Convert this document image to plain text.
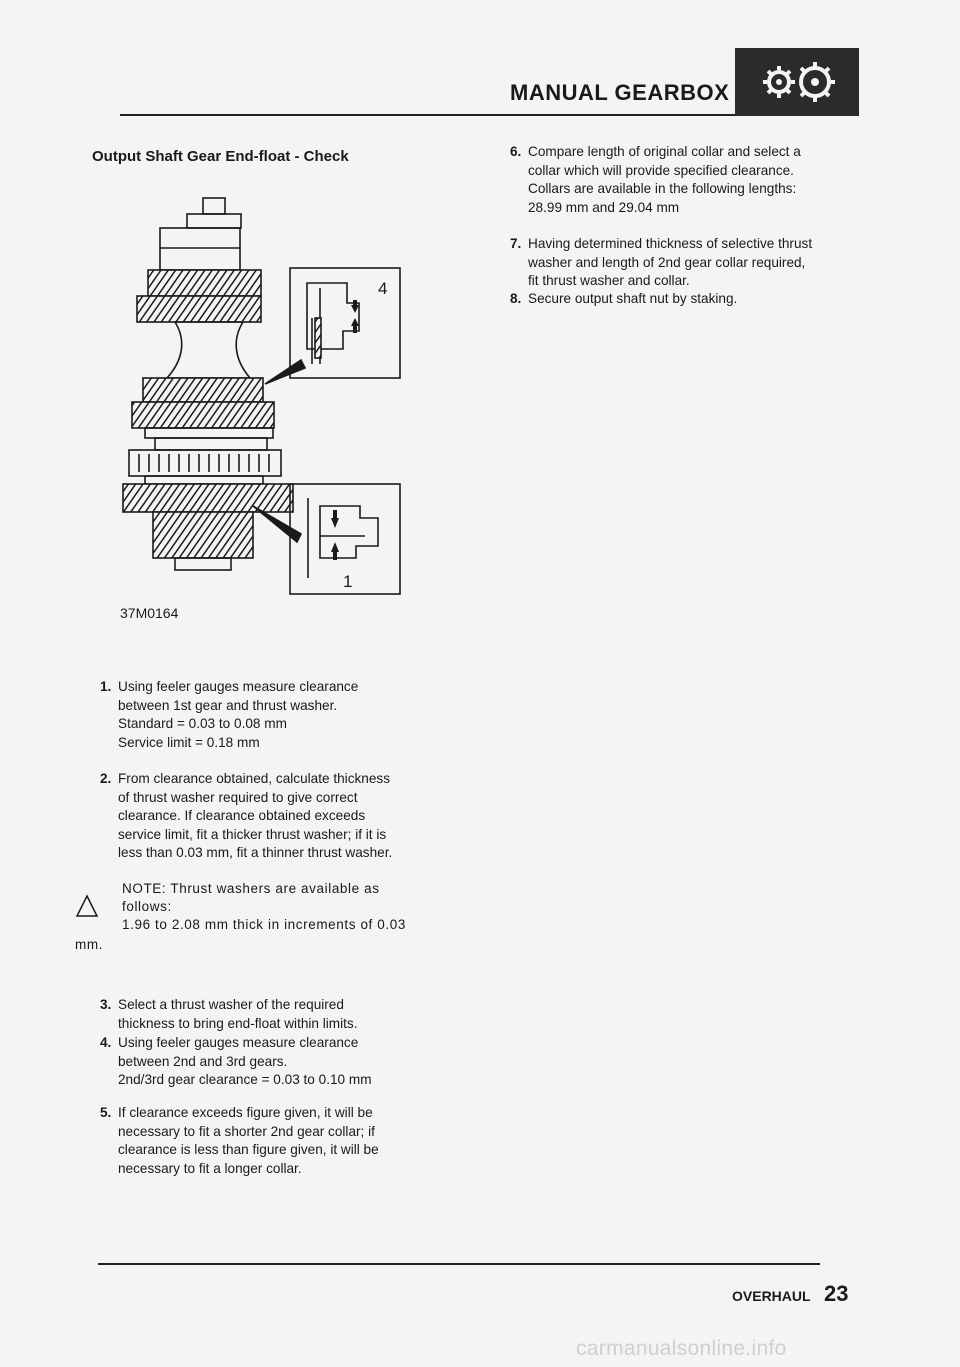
MANUAL GEARBOX
Output Shaft Gear End-float - Check
4
1
37M0164
1. Using feeler gauges measure clearance
between 1st gear and thrust washer.
Standard = 0.03 to 0.08 mm
Service limit = 0.18 mm
2. From clearance obtained, calculate thickness
of thrust washer required to give correct
clearance. If clearance obtained exceeds
service limit, fit a thicker thrust washer; if it is
less than 0.03 mm, fit a thinner thrust washer.
NOTE: Thrust washers are available as
follows:
1.96 to 2.08 mm thick in increments of 0.03
mm.
3. Select a thrust washer of the required
thickness to bring end-float within limits.
4. Using feeler gauges measure clearance
between 2nd and 3rd gears.
2nd/3rd gear clearance = 0.03 to 0.10 mm
5. If clearance exceeds figure given, it will be
necessary to fit a shorter 2nd gear collar; if
clearance is less than figure given, it will be
necessary to fit a longer collar.
6. Compare length of original collar and select a
collar which will provide specified clearance.
Collars are available in the following lengths:
28.99 mm and 29.04 mm
7. Having determined thickness of selective thrust
washer and length of 2nd gear collar required,
fit thrust washer and collar.
8. Secure output shaft nut by staking.
OVERHAUL 23
carmanualsonline.info
